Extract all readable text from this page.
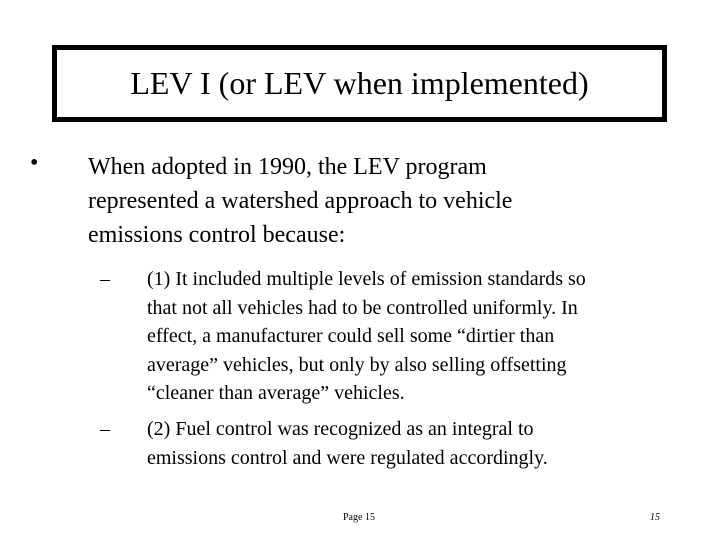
LEV I (or LEV when implemented)
• When adopted in 1990, the LEV program
represented a watershed approach to vehicle
emissions control because:
– (1) It included multiple levels of emission standards so
that not all vehicles had to be controlled uniformly. In
effect, a manufacturer could sell some “dirtier than
average” vehicles, but only by also selling offsetting
“cleaner than average” vehicles.
– (2) Fuel control was recognized as an integral to
emissions control and were regulated accordingly.
Page 15	15
